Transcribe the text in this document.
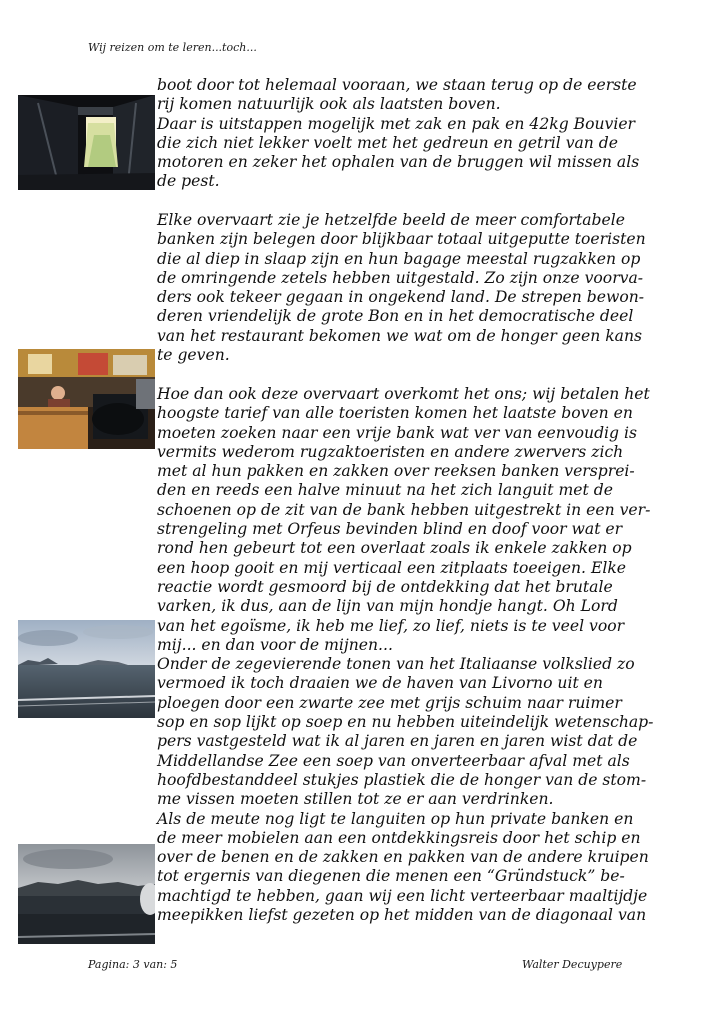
Wij reizen om te leren...toch...
boot door tot helemaal vooraan, we staan terug op de eerste
rij komen natuurlijk ook als laatsten boven.
Daar is uitstappen mogelijk met zak en pak en 42kg Bouvier
die zich niet lekker voelt met het gedreun en getril van de
motoren en zeker het ophalen van de bruggen wil missen als
de pest.
Elke overvaart zie je hetzelfde beeld de meer comfortabele
banken zijn belegen door blijkbaar totaal uitgeputte toeristen
die al diep in slaap zijn en hun bagage meestal rugzakken op
de omringende zetels hebben uitgestald. Zo zijn onze voorva-
ders ook tekeer gegaan in ongekend land. De strepen bewon-
deren vriendelijk de grote Bon en in het democratische deel
van het restaurant bekomen we wat om de honger geen kans
te geven.
Hoe dan ook deze overvaart overkomt het ons; wij betalen het
hoogste tarief van alle toeristen komen het laatste boven en
moeten zoeken naar een vrije bank wat ver van eenvoudig is
vermits wederom rugzaktoeristen en andere zwervers zich
met al hun pakken en zakken over reeksen banken versprei-
den en reeds een halve minuut na het zich languit met de
schoenen op de zit van de bank hebben uitgestrekt in een ver-
strengeling met Orfeus bevinden blind en doof voor wat er
rond hen gebeurt tot een overlaat zoals ik enkele zakken op
een hoop gooit en mij verticaal een zitplaats toeeigen. Elke
reactie wordt gesmoord bij de ontdekking dat het brutale
varken, ik dus, aan de lijn van mijn hondje hangt. Oh Lord
van het egoïsme, ik heb me lief, zo lief, niets is te veel voor
mij... en dan voor de mijnen...
Onder de zegevierende tonen van het Italiaanse volkslied zo
vermoed ik toch draaien we de haven van Livorno uit en
ploegen door een zwarte zee met grijs schuim naar ruimer
sop en sop lijkt op soep en nu hebben uiteindelijk wetenschap-
pers vastgesteld wat ik al jaren en jaren en jaren wist dat de
Middellandse Zee een soep van onverteerbaar afval met als
hoofdbestanddeel stukjes plastiek die de honger van de stom-
me vissen moeten stillen tot ze er aan verdrinken.
Als de meute nog ligt te languiten op hun private banken en
de meer mobielen aan een ontdekkingsreis door het schip en
over de benen en de zakken en pakken van de andere kruipen
tot ergernis van diegenen die menen een “Gründstuck” be-
machtigd te hebben, gaan wij een licht verteerbaar maaltijdje
meepikken liefst gezeten op het midden van de diagonaal van
Pagina: 3 van: 5	Walter Decuypere
